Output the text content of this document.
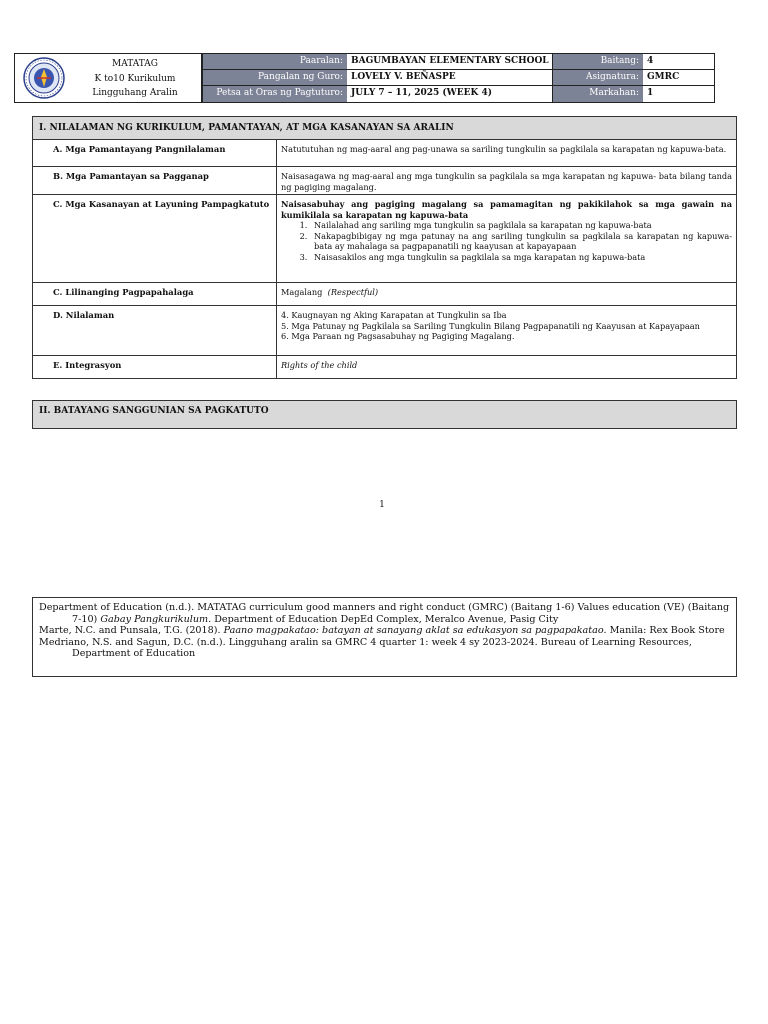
MATATAG
K to10 Kurikulum
Lingguhang Aralin
Paaralan: BAGUMBAYAN ELEMENTARY SCHOOL	Baitang: 4
Pangalan ng Guro: LOVELY V. BEÑASPE	Asignatura: GMRC
Petsa at Oras ng Pagtuturo: JULY 7 – 11, 2025 (WEEK 4)	Markahan: 1
I. NILALAMAN NG KURIKULUM, PAMANTAYAN, AT MGA KASANAYAN SA ARALIN
A. Mga Pamantayang Pangnilalaman	Natututuhan ng mag-aaral ang pag-unawa sa sariling tungkulin sa pagkilala sa karapatan ng kapuwa-bata.
B. Mga Pamantayan sa Pagganap	Naisasagawa ng mag-aaral ang mga tungkulin sa pagkilala sa mga karapatan ng kapuwa- bata bilang tanda ng pagiging magalang.
C. Mga Kasanayan at Layuning Pampagkatuto	Naisasabuhay ang pagiging magalang sa pamamagitan ng pakikilahok sa mga gawain na kumikilala sa karapatan ng kapuwa-bata
1. Nailalahad ang sariling mga tungkulin sa pagkilala sa karapatan ng kapuwa-bata
2. Nakapagbibigay ng mga patunay na ang sariling tungkulin sa pagkilala sa karapatan ng kapuwa-bata ay mahalaga sa pagpapanatili ng kaayusan at kapayapaan
3. Naisasakilos ang mga tungkulin sa pagkilala sa mga karapatan ng kapuwa-bata
C. Lilinanging Pagpapahalaga	Magalang (Respectful)
D. Nilalaman	4. Kaugnayan ng Aking Karapatan at Tungkulin sa Iba
5. Mga Patunay ng Pagkilala sa Sariling Tungkulin Bilang Pagpapanatili ng Kaayusan at Kapayapaan
6. Mga Paraan ng Pagsasabuhay ng Pagiging Magalang.
E. Integrasyon	Rights of the child
II. BATAYANG SANGGUNIAN SA PAGKATUTO
1
Department of Education (n.d.). MATATAG curriculum good manners and right conduct (GMRC) (Baitang 1-6) Values education (VE) (Baitang 7-10) Gabay Pangkurikulum. Department of Education DepEd Complex, Meralco Avenue, Pasig City
Marte, N.C. and Punsala, T.G. (2018). Paano magpakatao: batayan at sanayang aklat sa edukasyon sa pagpapakatao. Manila: Rex Book Store
Medriano, N.S. and Sagun, D.C. (n.d.). Lingguhang aralin sa GMRC 4 quarter 1: week 4 sy 2023-2024. Bureau of Learning Resources, Department of Education
